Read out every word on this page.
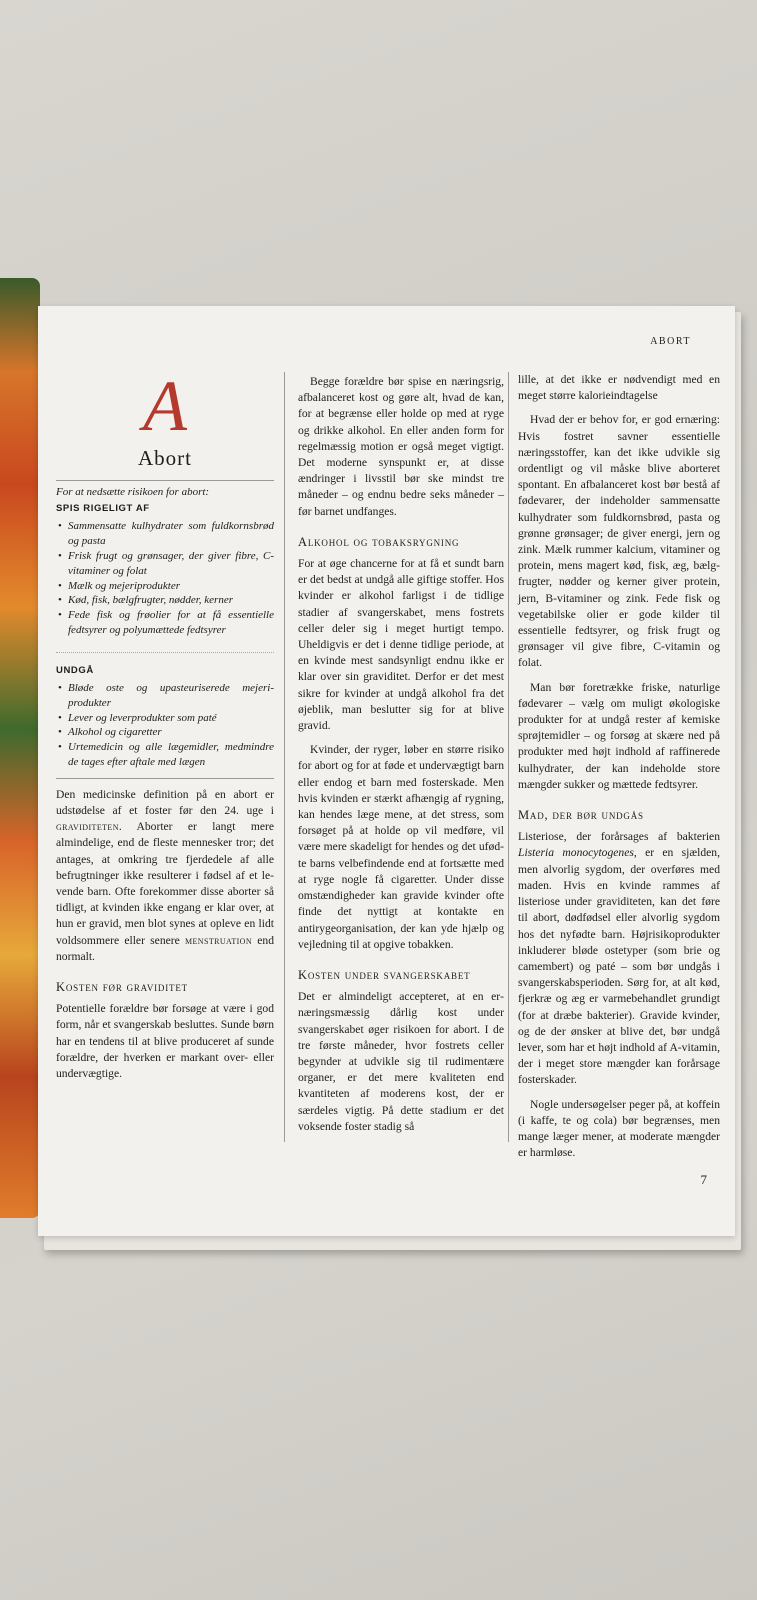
ABORT
A
Abort
For at nedsætte risikoen for abort:
SPIS RIGELIGT AF
• Sammensatte kulhydrater som fuldkornsbrød og pasta
• Frisk frugt og grønsager, der giver fibre, C-vitaminer og folat
• Mælk og mejeriprodukter
• Kød, fisk, bælgfrugter, nødder, kerner
• Fede fisk og frøolier for at få essentielle fedtsyrer og polyumættede fedtsyrer
UNDGÅ
• Bløde oste og upasteuriserede mejeriprodukter
• Lever og leverprodukter som paté
• Alkohol og cigaretter
• Urtemedicin og alle lægemidler, medmindre de tages efter aftale med lægen

Den medicinske definition på en abort er udstødelse af et foster før den 24. uge i graviditeten. Aborter er langt mere almindelige, end de fleste mennesker tror; det antages, at omkring tre fjerdedele af alle befrugtninger ikke resulterer i fødsel af et levende barn. Ofte forekommer disse aborter så tidligt, at kvinden ikke engang er klar over, at hun er gravid, men blot synes at opleve en lidt voldsommere eller senere menstruation end normalt.

Kosten før graviditet

Potentielle forældre bør forsøge at være i god form, når et svangerskab besluttes. Sunde børn har en tendens til at blive produceret af sunde forældre, der hverken er markant over- eller undervægtige.

Begge forældre bør spise en næringsrig, afbalanceret kost og gøre alt, hvad de kan, for at begrænse eller holde op med at ryge og drikke alkohol. En eller anden form for regelmæssig motion er også meget vigtigt. Det moderne synspunkt er, at disse ændringer i livsstil bør ske mindst tre måneder – og endnu bedre seks måneder – før barnet undfanges.

Alkohol og tobaksrygning

For at øge chancerne for at få et sundt barn er det bedst at undgå alle giftige stoffer. Hos kvinder er alkohol farligst i de tidlige stadier af svangerskabet, mens fostrets celler deler sig i meget hurtigt tempo. Uheldigvis er det i denne tidlige periode, at en kvinde mest sandsynligt endnu ikke er klar over sin graviditet. Derfor er det mest sikre for kvinder at undgå alkohol fra det øjeblik, man beslutter sig for at blive gravid.

Kvinder, der ryger, løber en større risiko for abort og for at føde et undervægtigt barn eller endog et barn med fosterskade. Men hvis kvinden er stærkt afhængig af rygning, kan hendes læge mene, at det stress, som forsøget på at holde op vil medføre, vil være mere skadeligt for hendes og det ufødte barns velbefindende end at fortsætte med at ryge nogle få cigaretter. Under disse omstændigheder kan gravide kvinder ofte finde det nyttigt at kontakte en antirygeorganisation, der kan yde hjælp og vejledning til at opgive tobakken.

Kosten under svangerskabet

Det er almindeligt accepteret, at en ernæringsmæssig dårlig kost under svangerskabet øger risikoen for abort. I de tre første måneder, hvor fostrets celler begynder at udvikle sig til rudimentære organer, er det mere kvaliteten end kvantiteten af moderens kost, der er særdeles vigtig. På dette stadium er det voksende foster stadig så

lille, at det ikke er nødvendigt med en meget større kalorieindtagelse

Hvad der er behov for, er god ernæring: Hvis fostret savner essentielle næringsstoffer, kan det ikke udvikle sig ordentligt og vil måske blive aborteret spontant. En afbalanceret kost bør bestå af fødevarer, der indeholder sammensatte kulhydrater som fuldkornsbrød, pasta og grønne grønsager; de giver energi, jern og zink. Mælk rummer kalcium, vitaminer og protein, mens magert kød, fisk, æg, bælgfrugter, nødder og kerner giver protein, jern, B-vitaminer og zink. Fede fisk og vegetabilske olier er gode kilder til essentielle fedtsyrer, og frisk frugt og grønsager vil give fibre, C-vitamin og folat.

Man bør foretrække friske, naturlige fødevarer – vælg om muligt økologiske produkter for at undgå rester af kemiske sprøjtemidler – og forsøg at skære ned på produkter med højt indhold af raffinerede kulhydrater, der kan indeholde store mængder sukker og mættede fedtsyrer.

Mad, der bør undgås

Listeriose, der forårsages af bakterien Listeria monocytogenes, er en sjælden, men alvorlig sygdom, der overføres med maden. Hvis en kvinde rammes af listeriose under graviditeten, kan det føre til abort, dødfødsel eller alvorlig sygdom hos det nyfødte barn. Højrisikoprodukter inkluderer bløde ostetyper (som brie og camembert) og paté – som bør undgås i svangerskabsperioden. Sørg for, at alt kød, fjerkræ og æg er varmebehandlet grundigt (for at dræbe bakterier). Gravide kvinder, og de der ønsker at blive det, bør undgå lever, som har et højt indhold af A-vitamin, der i meget store mængder kan forårsage fosterskader.

Nogle undersøgelser peger på, at koffein (i kaffe, te og cola) bør begrænses, men mange læger mener, at moderate mængder er harmløse.

7
